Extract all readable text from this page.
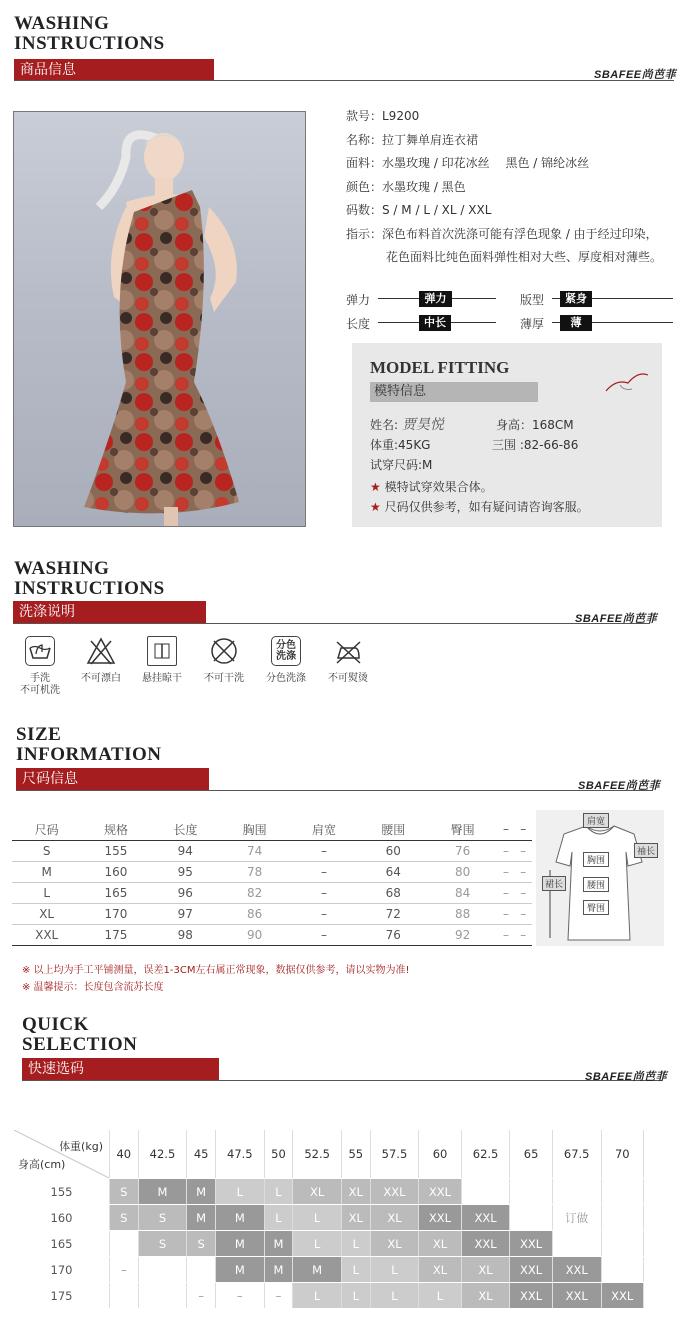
WASHING
INSTRUCTIONS
商品信息	SBAFEE尚芭菲
款号：L9200
名称：拉丁舞单肩连衣裙
面料：水墨玫瑰 / 印花冰丝　 黑色 / 锦纶冰丝
颜色：水墨玫瑰 / 黑色
码数：S / M / L / XL / XXL
指示：深色布料首次洗涤可能有浮色现象 / 由于经过印染，
花色面料比纯色面料弹性相对大些、厚度相对薄些。
弹力	弹力	版型	紧身
长度	中长	薄厚	薄
MODEL FITTING
模特信息
姓名: 贾昊悦	身高：168CM
体重:45KG	三围 :82-66-86
试穿尺码:M
★ 模特试穿效果合体。
★ 尺码仅供参考，如有疑问请咨询客服。
WASHING
INSTRUCTIONS
洗涤说明	SBAFEE尚芭菲
手洗
不可机洗
不可漂白	悬挂晾干	不可干洗
分色
洗涤
分色洗涤	不可熨烫
SIZE
INFORMATION
尺码信息	SBAFEE尚芭菲
尺码	规格	长度	胸围	肩宽	腰围	臀围	–	–
S	155	94	74	–	60	76	–	–
M	160	95	78	–	64	80	–	–
L	165	96	82	–	68	84	–	–
XL	170	97	86	–	72	88	–	–
XXL	175	98	90	–	76	92	–	–
肩宽
袖长
胸围
腰围
臀围
裙长
※ 以上均为手工平铺测量，误差1-3CM左右属正常现象，数据仅供参考，请以实物为准!
※ 温馨提示：长度包含流苏长度
QUICK
SELECTION
快速选码	SBAFEE尚芭菲
体重(kg)
身高(cm)	40	42.5	45	47.5	50	52.5	55	57.5	60	62.5	65	67.5	70
155	S	M	M	L	L	XL	XL	XXL	XXL				
160	S	S	M	M	L	L	XL	XL	XXL	XXL		订做	
165		S	S	M	M	L	L	XL	XL	XXL	XXL		
170	–			M	M	M	L	L	XL	XL	XXL	XXL	
175			–	–	–	L	L	L	L	XL	XXL	XXL	XXL
